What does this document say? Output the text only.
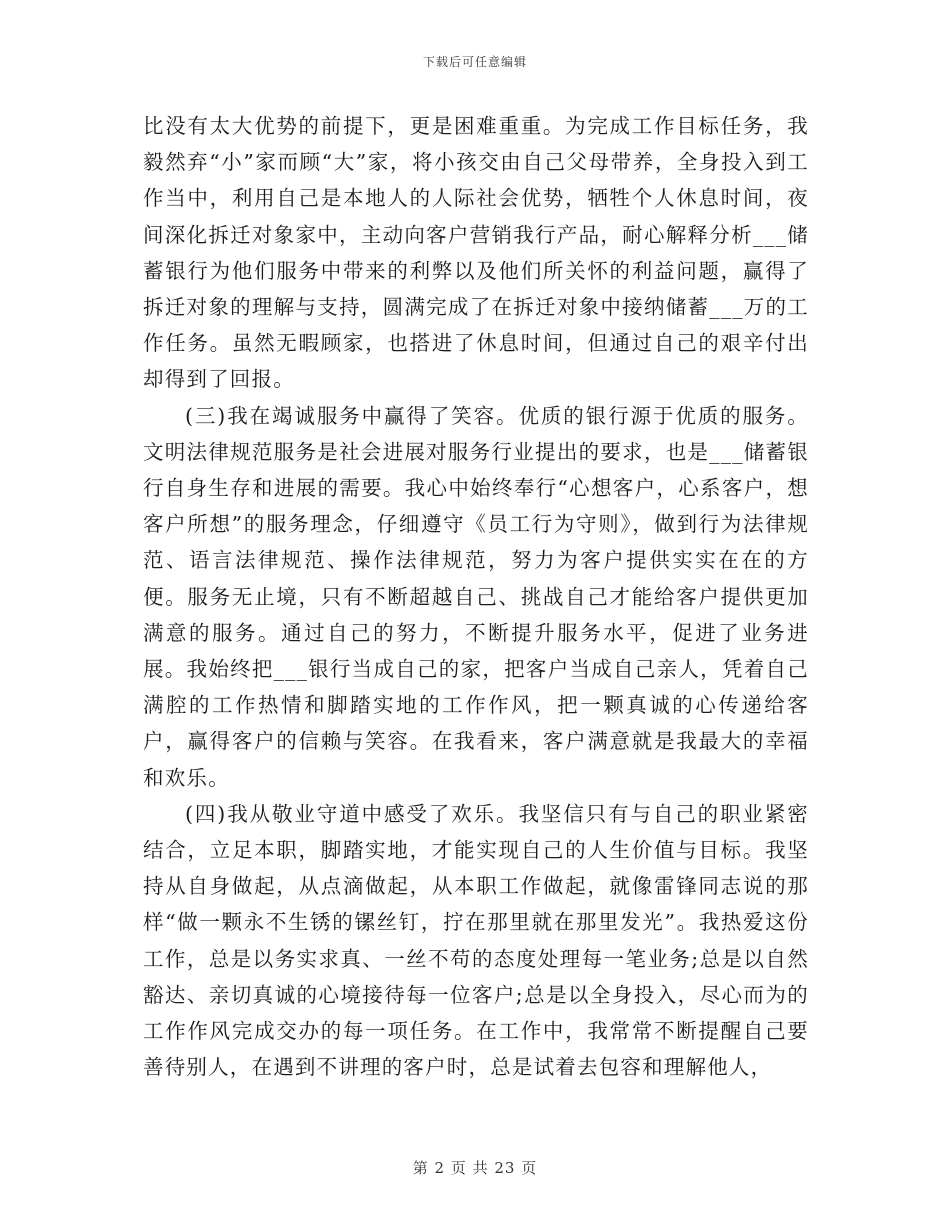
下载后可任意编辑

比没有太大优势的前提下，更是困难重重。为完成工作目标任务，我毅然弃“小”家而顾“大”家，将小孩交由自己父母带养，全身投入到工作当中，利用自己是本地人的人际社会优势，牺牲个人休息时间，夜间深化拆迁对象家中，主动向客户营销我行产品，耐心解释分析___储蓄银行为他们服务中带来的利弊以及他们所关怀的利益问题，赢得了拆迁对象的理解与支持，圆满完成了在拆迁对象中接纳储蓄___万的工作任务。虽然无暇顾家，也搭进了休息时间，但通过自己的艰辛付出却得到了回报。

(三)我在竭诚服务中赢得了笑容。优质的银行源于优质的服务。文明法律规范服务是社会进展对服务行业提出的要求，也是___储蓄银行自身生存和进展的需要。我心中始终奉行“心想客户，心系客户，想客户所想”的服务理念，仔细遵守《员工行为守则》，做到行为法律规范、语言法律规范、操作法律规范，努力为客户提供实实在在的方便。服务无止境，只有不断超越自己、挑战自己才能给客户提供更加满意的服务。通过自己的努力，不断提升服务水平，促进了业务进展。我始终把___银行当成自己的家，把客户当成自己亲人，凭着自己满腔的工作热情和脚踏实地的工作作风，把一颗真诚的心传递给客户，赢得客户的信赖与笑容。在我看来，客户满意就是我最大的幸福和欢乐。

(四)我从敬业守道中感受了欢乐。我坚信只有与自己的职业紧密结合，立足本职，脚踏实地，才能实现自己的人生价值与目标。我坚持从自身做起，从点滴做起，从本职工作做起，就像雷锋同志说的那样“做一颗永不生锈的镙丝钉，拧在那里就在那里发光”。我热爱这份工作，总是以务实求真、一丝不苟的态度处理每一笔业务;总是以自然豁达、亲切真诚的心境接待每一位客户;总是以全身投入，尽心而为的工作作风完成交办的每一项任务。在工作中，我常常不断提醒自己要善待别人，在遇到不讲理的客户时，总是试着去包容和理解他人，

第 2 页 共 23 页
